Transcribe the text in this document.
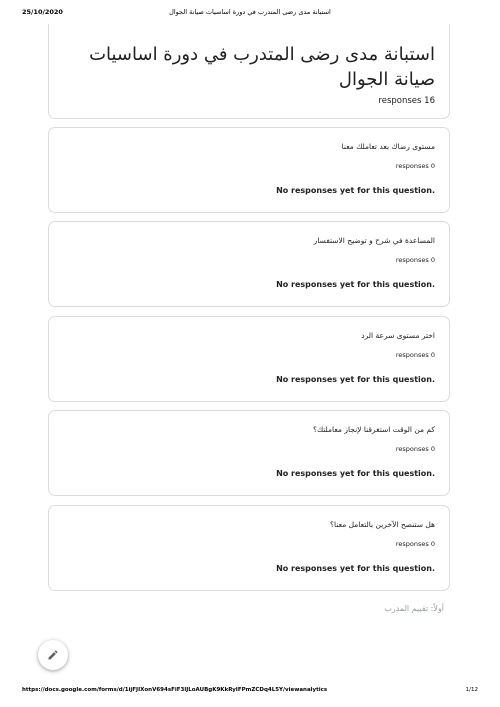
25/10/2020	استبانة مدى رضى المتدرب في دورة اساسيات صيانة الجوال
استبانة مدى رضى المتدرب في دورة اساسيات صيانة الجوال
16 responses
مستوى رضاك بعد تعاملك معنا
0 responses
No responses yet for this question.
المساعدة في شرح و توضيح الاستفسار
0 responses
No responses yet for this question.
اختر مستوى سرعة الرد
0 responses
No responses yet for this question.
كم من الوقت استغرقنا لإنجاز معاملتك؟
0 responses
No responses yet for this question.
هل ستنصح الآخرين بالتعامل معنا؟
0 responses
No responses yet for this question.
أولاً: تقييم المدرب
https://docs.google.com/forms/d/1ijFJIXonV694sFiF3lJLoAUBgK9KkRyIFPmZCDq4L5Y/viewanalytics	1/12
